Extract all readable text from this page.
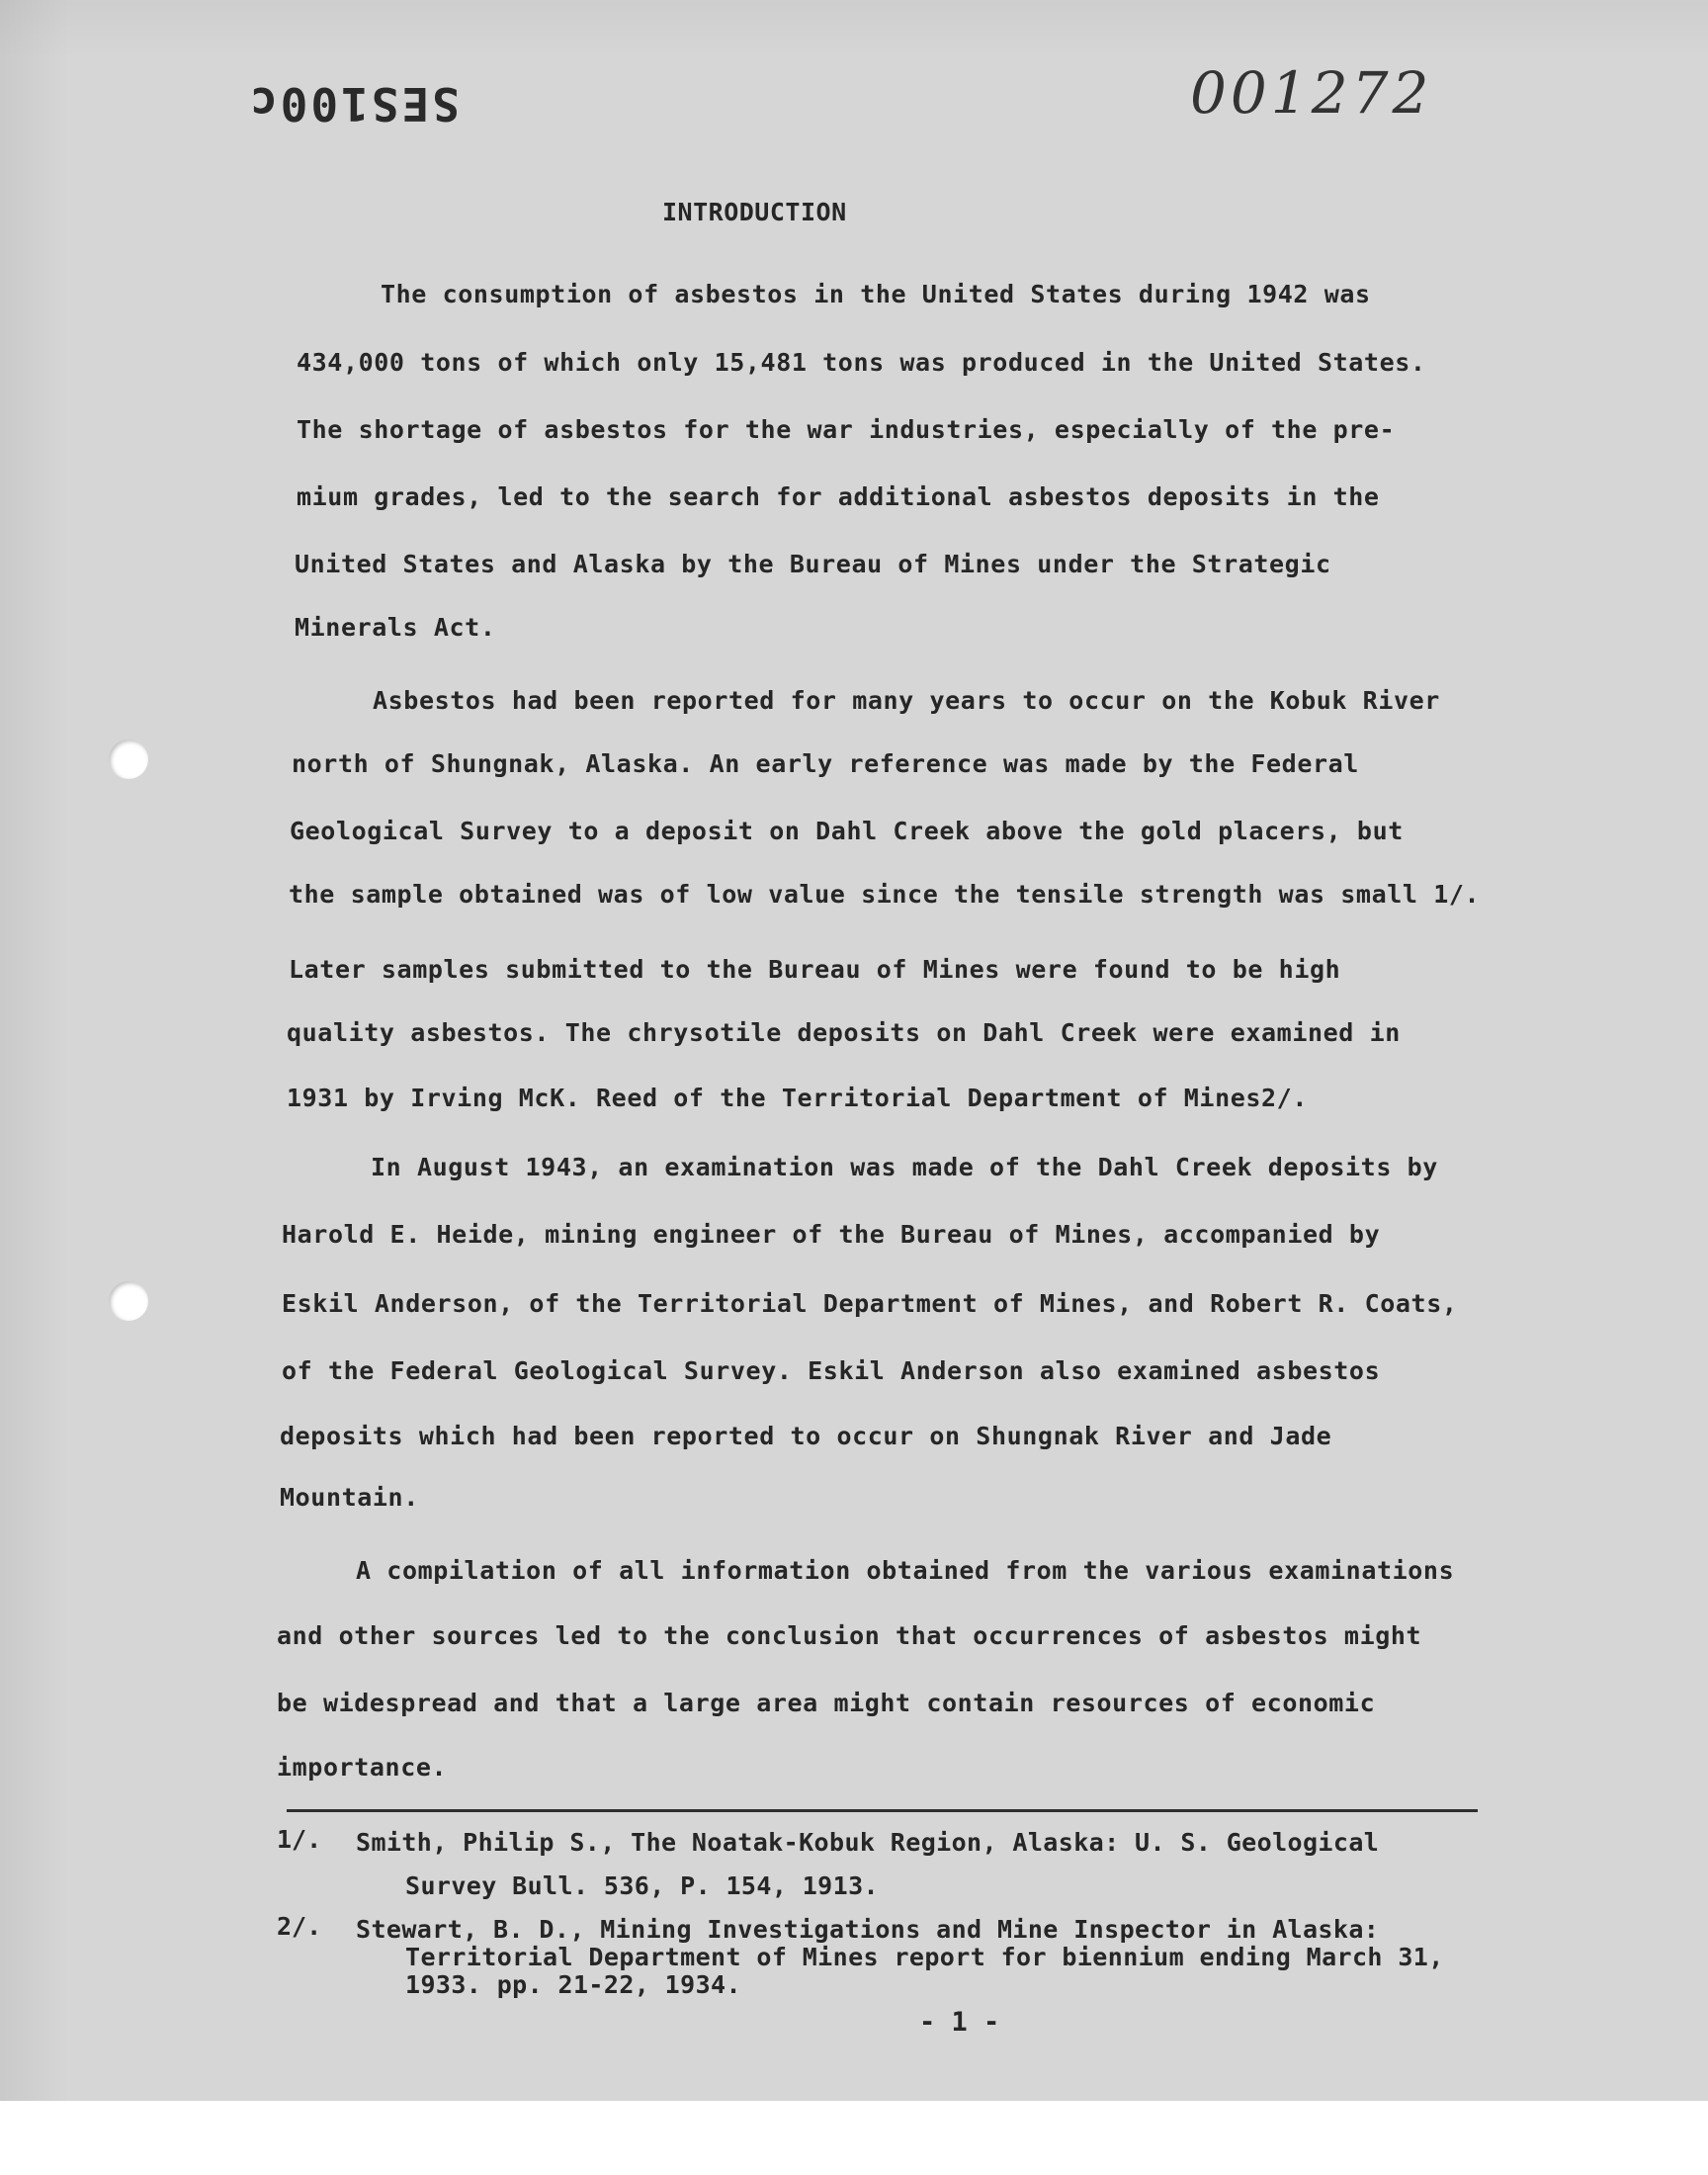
SES100c	001272
INTRODUCTION
The consumption of asbestos in the United States during 1942 was
434,000 tons of which only 15,481 tons was produced in the United States.
The shortage of asbestos for the war industries, especially of the pre-
mium grades, led to the search for additional asbestos deposits in the
United States and Alaska by the Bureau of Mines under the Strategic
Minerals Act.
Asbestos had been reported for many years to occur on the Kobuk River
north of Shungnak, Alaska. An early reference was made by the Federal
Geological Survey to a deposit on Dahl Creek above the gold placers, but
the sample obtained was of low value since the tensile strength was small 1/.
Later samples submitted to the Bureau of Mines were found to be high
quality asbestos. The chrysotile deposits on Dahl Creek were examined in
1931 by Irving McK. Reed of the Territorial Department of Mines2/.
In August 1943, an examination was made of the Dahl Creek deposits by
Harold E. Heide, mining engineer of the Bureau of Mines, accompanied by
Eskil Anderson, of the Territorial Department of Mines, and Robert R. Coats,
of the Federal Geological Survey. Eskil Anderson also examined asbestos
deposits which had been reported to occur on Shungnak River and Jade
Mountain.
A compilation of all information obtained from the various examinations
and other sources led to the conclusion that occurrences of asbestos might
be widespread and that a large area might contain resources of economic
importance.
1/. Smith, Philip S., The Noatak-Kobuk Region, Alaska: U. S. Geological
Survey Bull. 536, P. 154, 1913.
2/. Stewart, B. D., Mining Investigations and Mine Inspector in Alaska:
Territorial Department of Mines report for biennium ending March 31,
1933. pp. 21-22, 1934.
- 1 -
